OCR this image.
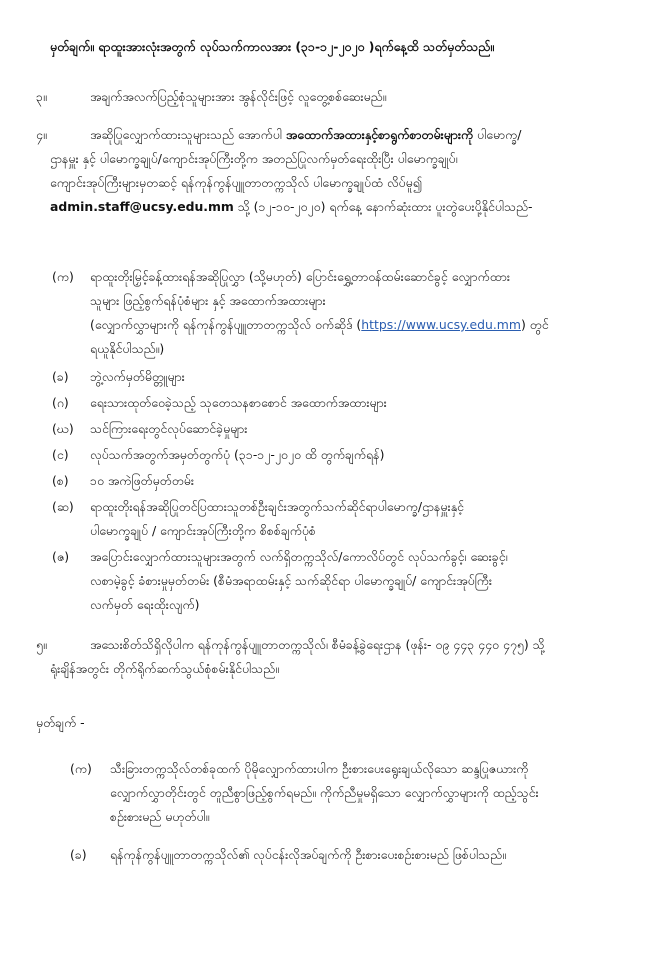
မှတ်ချက်။ ရာထူးအားလုံးအတွက် လုပ်သက်ကာလအား (၃၁-၁၂-၂၀၂၀ )ရက်နေ့ထိ သတ်မှတ်သည်။
၃။	အချက်အလက်ပြည့်စုံသူများအား အွန်လိုင်းဖြင့် လူတွေ့စစ်ဆေးမည်။
၄။	အဆိုပြုလျှောက်ထားသူများသည် အောက်ပါ အထောက်အထားနှင့်စာရွက်စာတမ်းများကို ပါမောက္ခ/
ဌာနမှူး နှင့် ပါမောက္ခချုပ်/ကျောင်းအုပ်ကြီးတို့က အတည်ပြုလက်မှတ်ရေးထိုးပြီး ပါမောက္ခချုပ်၊
ကျောင်းအုပ်ကြီးများမှတဆင့် ရန်ကုန်ကွန်ပျူတာတက္ကသိုလ် ပါမောက္ခချုပ်ထံ လိပ်မူ၍
admin.staff@ucsy.edu.mm သို့ (၁၂-၁၀-၂၀၂၀) ရက်နေ့ နောက်ဆုံးထား ပူးတွဲပေးပို့နိုင်ပါသည်-
(က) ရာထူးတိုးမြှင့်ခန့်ထားရန်အဆိုပြုလွှာ (သို့မဟုတ်) ပြောင်းရွှေ့တာဝန်ထမ်းဆောင်ခွင့် လျှောက်ထား
သူများ ဖြည့်စွက်ရန်ပုံစံများ နှင့် အထောက်အထားများ
(လျှောက်လွှာများကို ရန်ကုန်ကွန်ပျူတာတက္ကသိုလ် ဝက်ဆိုဒ် (https://www.ucsy.edu.mm) တွင်
ရယူနိုင်ပါသည်။)
(ခ) ဘွဲ့လက်မှတ်မိတ္တူများ
(ဂ) ရေးသားထုတ်ဝေခဲ့သည့် သုတေသနစာစောင် အထောက်အထားများ
(ဃ) သင်ကြားရေးတွင်လုပ်ဆောင်ခဲ့မှုများ
(င) လုပ်သက်အတွက်အမှတ်တွက်ပုံ (၃၁-၁၂-၂၀၂၀ ထိ တွက်ချက်ရန်)
(စ) ၁၀ အကဲဖြတ်မှတ်တမ်း
(ဆ) ရာထူးတိုးရန်အဆိုပြုတင်ပြထားသူတစ်ဦးချင်းအတွက်သက်ဆိုင်ရာပါမောက္ခ/ဌာနမှူးနှင့်
ပါမောက္ခချုပ် / ကျောင်းအုပ်ကြီးတို့က စိစစ်ချက်ပုံစံ
(ဇ) အပြောင်းလျှောက်ထားသူများအတွက် လက်ရှိတက္ကသိုလ်/ကောလိပ်တွင် လုပ်သက်ခွင့်၊ ဆေးခွင့်၊
လစာမဲ့ခွင့် ခံစားမှုမှတ်တမ်း (စီမံအရာထမ်းနှင့် သက်ဆိုင်ရာ ပါမောက္ခချုပ်/ ကျောင်းအုပ်ကြီး
လက်မှတ် ရေးထိုးလျက်)
၅။	အသေးစိတ်သိရှိလိုပါက ရန်ကုန်ကွန်ပျူတာတက္ကသိုလ်၊ စီမံခန့်ခွဲရေးဌာန (ဖုန်း- ၀၉ ၄၄၃ ၄၄၀ ၄၇၅) သို့
ရုံးချိန်အတွင်း တိုက်ရိုက်ဆက်သွယ်စုံစမ်းနိုင်ပါသည်။
မှတ်ချက် -
(က) သီးခြားတက္ကသိုလ်တစ်ခုထက် ပိုမိုလျှောက်ထားပါက ဦးစားပေးရွေးချယ်လိုသော ဆန္ဒပြုဇယားကို
လျှောက်လွှာတိုင်းတွင် တူညီစွာဖြည့်စွက်ရမည်။ ကိုက်ညီမှုမရှိသော လျှောက်လွှာများကို ထည့်သွင်း
စဉ်းစားမည် မဟုတ်ပါ။
(ခ) ရန်ကုန်ကွန်ပျူတာတက္ကသိုလ်၏ လုပ်ငန်းလိုအပ်ချက်ကို ဦးစားပေးစဉ်းစားမည် ဖြစ်ပါသည်။
